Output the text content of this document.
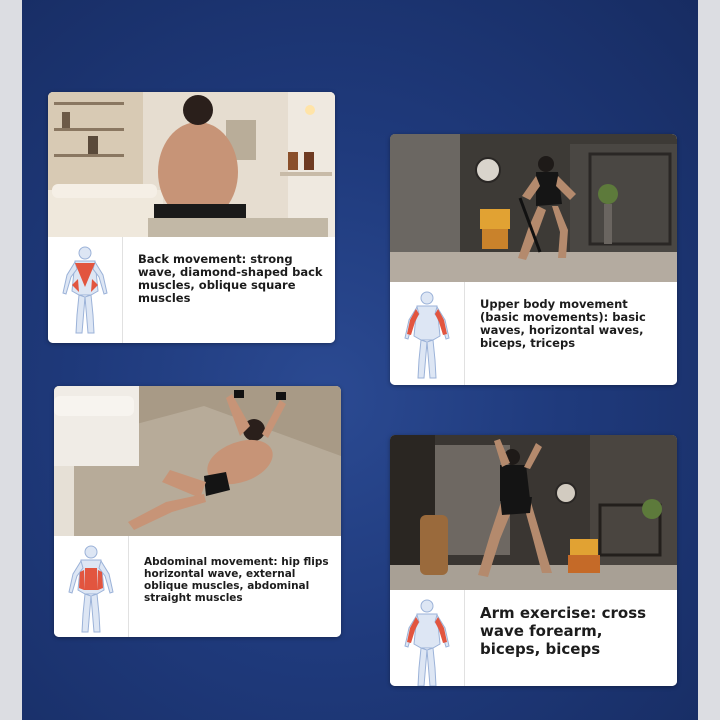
Back movement: strong wave, diamond-shaped back muscles, oblique square muscles	Upper body movement (basic movements): basic waves, horizontal waves, biceps, triceps
Abdominal movement: hip flips horizontal wave, external oblique muscles, abdominal straight muscles
Arm exercise: cross wave forearm, biceps, biceps
